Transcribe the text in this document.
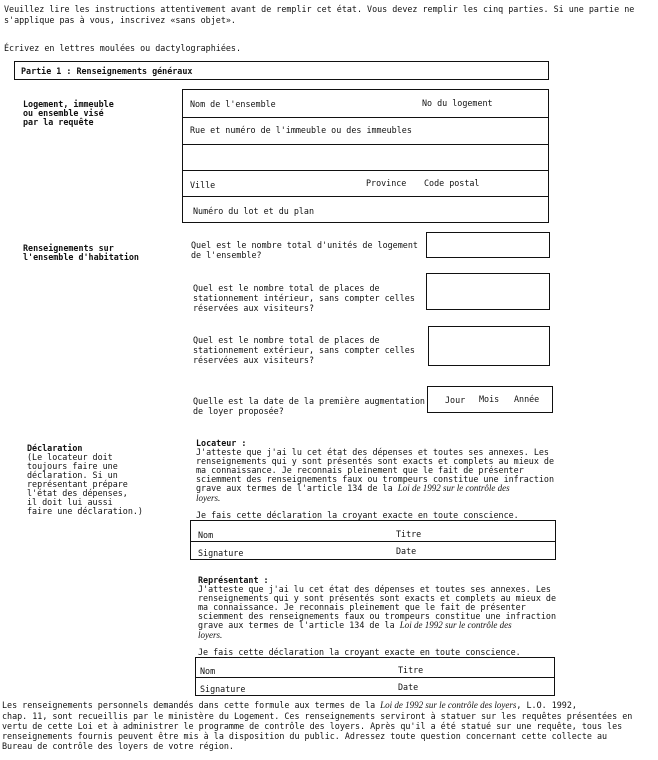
Veuillez lire les instructions attentivement avant de remplir cet état. Vous devez remplir les cinq parties. Si une partie ne
s'applique pas à vous, inscrivez «sans objet».
Écrivez en lettres moulées ou dactylographiées.
Partie 1 : Renseignements généraux
Logement, immeuble
ou ensemble visé
par la requête
Nom de l'ensemble	No du logement
Rue et numéro de l'immeuble ou des immeubles
Ville	Province Code postal
Numéro du lot et du plan
Renseignements sur
l'ensemble d'habitation
Quel est le nombre total d'unités de logement
de l'ensemble?
Quel est le nombre total de places de
stationnement intérieur, sans compter celles
réservées aux visiteurs?
Quel est le nombre total de places de
stationnement extérieur, sans compter celles
réservées aux visiteurs?
Quelle est la date de la première augmentation
de loyer proposée?
Jour Mois Année
Déclaration
(Le locateur doit
toujours faire une
déclaration. Si un
représentant prépare
l'état des dépenses,
il doit lui aussi
faire une déclaration.)
Locateur :
J'atteste que j'ai lu cet état des dépenses et toutes ses annexes. Les
renseignements qui y sont présentés sont exacts et complets au mieux de
ma connaissance. Je reconnais pleinement que le fait de présenter
sciemment des renseignements faux ou trompeurs constitue une infraction
grave aux termes de l'article 134 de la Loi de 1992 sur le contrôle des
loyers.
Je fais cette déclaration la croyant exacte en toute conscience.
Nom	Titre
Signature	Date
Représentant :
J'atteste que j'ai lu cet état des dépenses et toutes ses annexes. Les
renseignements qui y sont présentés sont exacts et complets au mieux de
ma connaissance. Je reconnais pleinement que le fait de présenter
sciemment des renseignements faux ou trompeurs constitue une infraction
grave aux termes de l'article 134 de la Loi de 1992 sur le contrôle des
loyers.
Je fais cette déclaration la croyant exacte en toute conscience.
Nom	Titre
Signature	Date
Les renseignements personnels demandés dans cette formule aux termes de la Loi de 1992 sur le contrôle des loyers, L.O. 1992,
chap. 11, sont recueillis par le ministère du Logement. Ces renseignements serviront à statuer sur les requêtes présentées en
vertu de cette Loi et à administrer le programme de contrôle des loyers. Après qu'il a été statué sur une requête, tous les
renseignements fournis peuvent être mis à la disposition du public. Adressez toute question concernant cette collecte au
Bureau de contrôle des loyers de votre région.
